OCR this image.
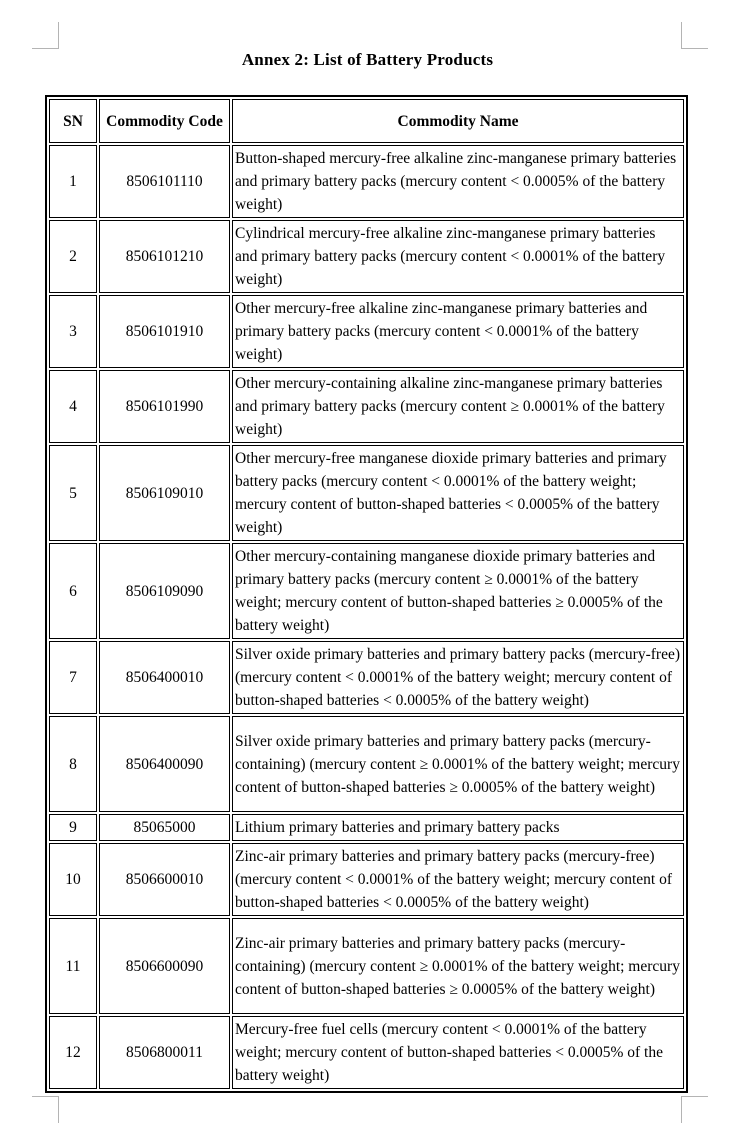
Annex 2: List of Battery Products
SN	Commodity Code	Commodity Name
1	8506101110	Button-shaped mercury-free alkaline zinc-manganese primary batteries and primary battery packs (mercury content < 0.0005% of the battery weight)
2	8506101210	Cylindrical mercury-free alkaline zinc-manganese primary batteries and primary battery packs (mercury content < 0.0001% of the battery weight)
3	8506101910	Other mercury-free alkaline zinc-manganese primary batteries and primary battery packs (mercury content < 0.0001% of the battery weight)
4	8506101990	Other mercury-containing alkaline zinc-manganese primary batteries and primary battery packs (mercury content ≥ 0.0001% of the battery weight)
5	8506109010	Other mercury-free manganese dioxide primary batteries and primary battery packs (mercury content < 0.0001% of the battery weight; mercury content of button-shaped batteries < 0.0005% of the battery weight)
6	8506109090	Other mercury-containing manganese dioxide primary batteries and primary battery packs (mercury content ≥ 0.0001% of the battery weight; mercury content of button-shaped batteries ≥ 0.0005% of the battery weight)
7	8506400010	Silver oxide primary batteries and primary battery packs (mercury-free) (mercury content < 0.0001% of the battery weight; mercury content of button-shaped batteries < 0.0005% of the battery weight)
8	8506400090	Silver oxide primary batteries and primary battery packs (mercury-containing) (mercury content ≥ 0.0001% of the battery weight; mercury content of button-shaped batteries ≥ 0.0005% of the battery weight)
9	85065000	Lithium primary batteries and primary battery packs
10	8506600010	Zinc-air primary batteries and primary battery packs (mercury-free) (mercury content < 0.0001% of the battery weight; mercury content of button-shaped batteries < 0.0005% of the battery weight)
11	8506600090	Zinc-air primary batteries and primary battery packs (mercury-containing) (mercury content ≥ 0.0001% of the battery weight; mercury content of button-shaped batteries ≥ 0.0005% of the battery weight)
12	8506800011	Mercury-free fuel cells (mercury content < 0.0001% of the battery weight; mercury content of button-shaped batteries < 0.0005% of the battery weight)
